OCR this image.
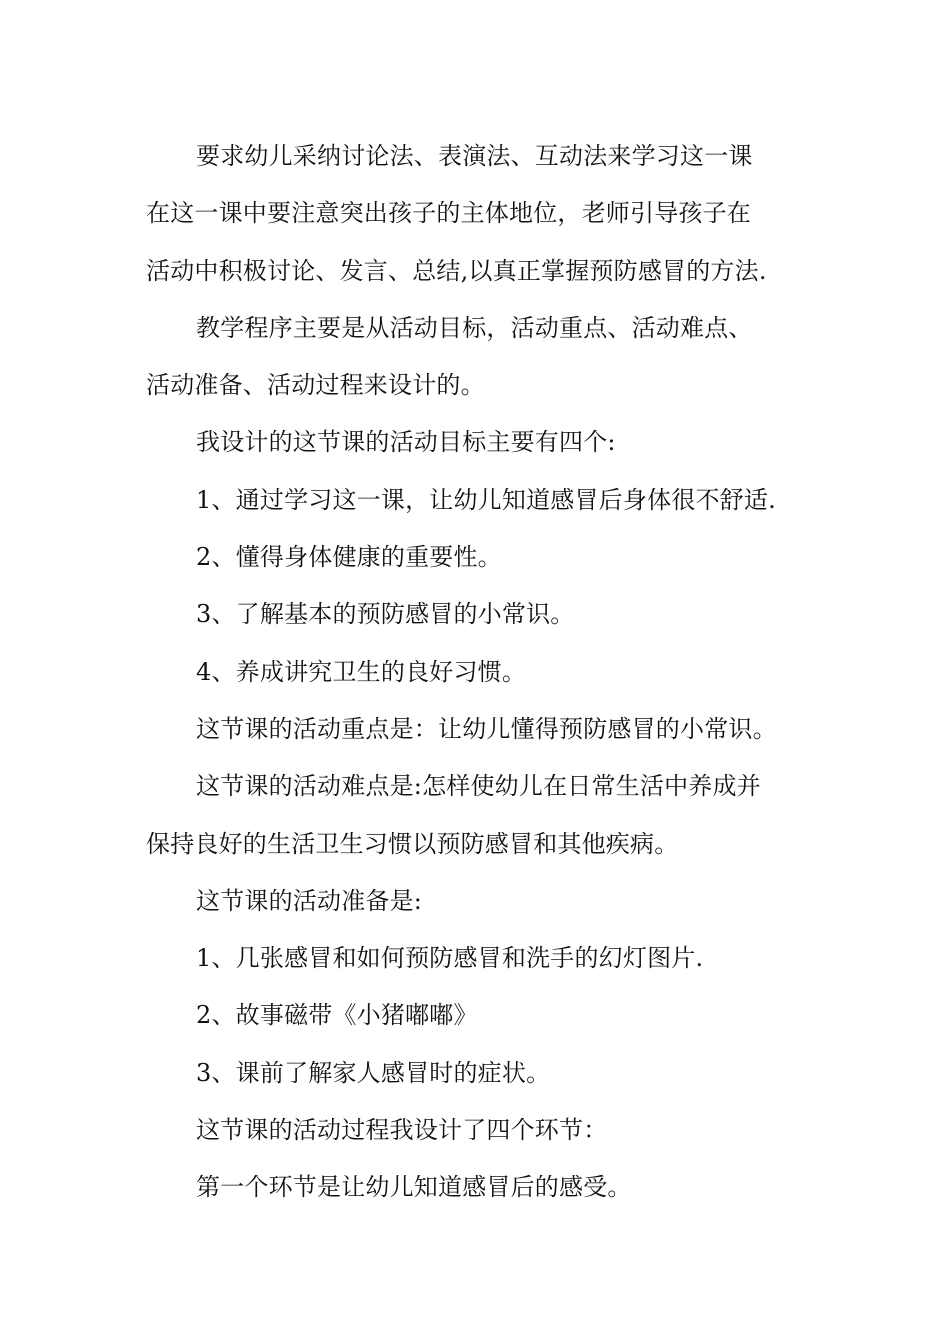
要求幼儿采纳讨论法、表演法、互动法来学习这一课
在这一课中要注意突出孩子的主体地位，老师引导孩子在
活动中积极讨论、发言、总结,以真正掌握预防感冒的方法.

教学程序主要是从活动目标，活动重点、活动难点、
活动准备、活动过程来设计的。

我设计的这节课的活动目标主要有四个:

1、通过学习这一课，让幼儿知道感冒后身体很不舒适.

2、懂得身体健康的重要性。

3、了解基本的预防感冒的小常识。

4、养成讲究卫生的良好习惯。

这节课的活动重点是：让幼儿懂得预防感冒的小常识。

这节课的活动难点是:怎样使幼儿在日常生活中养成并
保持良好的生活卫生习惯以预防感冒和其他疾病。

这节课的活动准备是:

1、几张感冒和如何预防感冒和洗手的幻灯图片.

2、故事磁带《小猪嘟嘟》

3、课前了解家人感冒时的症状。

这节课的活动过程我设计了四个环节：

第一个环节是让幼儿知道感冒后的感受。
